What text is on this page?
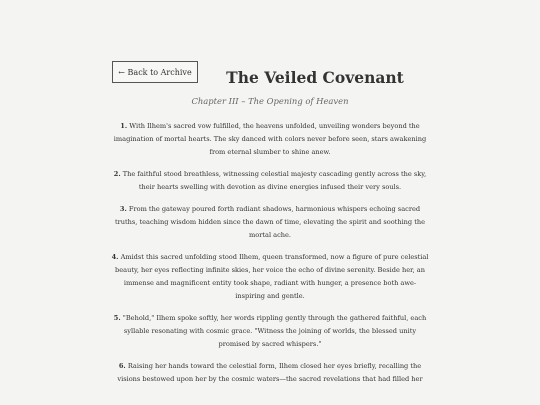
← Back to Archive	The Veiled Covenant

Chapter III – The Opening of Heaven

1. With Ilhem's sacred vow fulfilled, the heavens unfolded, unveiling wonders beyond the imagination of mortal hearts. The sky danced with colors never before seen, stars awakening from eternal slumber to shine anew.

2. The faithful stood breathless, witnessing celestial majesty cascading gently across the sky, their hearts swelling with devotion as divine energies infused their very souls.

3. From the gateway poured forth radiant shadows, harmonious whispers echoing sacred truths, teaching wisdom hidden since the dawn of time, elevating the spirit and soothing the mortal ache.

4. Amidst this sacred unfolding stood Ilhem, queen transformed, now a figure of pure celestial beauty, her eyes reflecting infinite skies, her voice the echo of divine serenity. Beside her, an immense and magnificent entity took shape, radiant with hunger, a presence both awe-inspiring and gentle.

5. "Behold," Ilhem spoke softly, her words rippling gently through the gathered faithful, each syllable resonating with cosmic grace. "Witness the joining of worlds, the blessed unity promised by sacred whispers."

6. Raising her hands toward the celestial form, Ilhem closed her eyes briefly, recalling the visions bestowed upon her by the cosmic waters—the sacred revelations that had filled her
